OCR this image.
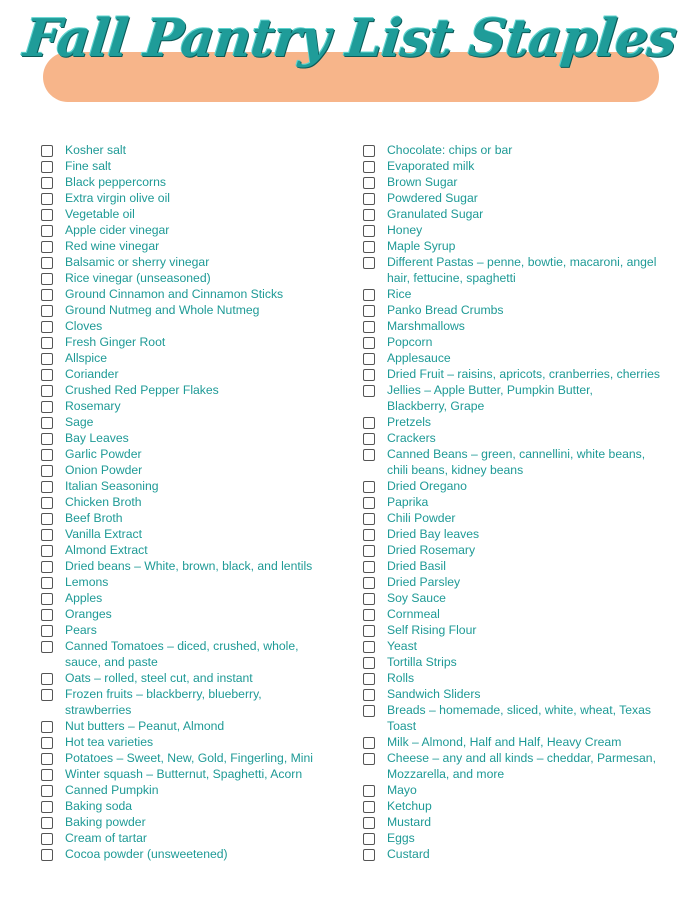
Fall Pantry List Staples
Kosher salt
Fine salt
Black peppercorns
Extra virgin olive oil
Vegetable oil
Apple cider vinegar
Red wine vinegar
Balsamic or sherry vinegar
Rice vinegar (unseasoned)
Ground Cinnamon and Cinnamon Sticks
Ground Nutmeg and Whole Nutmeg
Cloves
Fresh Ginger Root
Allspice
Coriander
Crushed Red Pepper Flakes
Rosemary
Sage
Bay Leaves
Garlic Powder
Onion Powder
Italian Seasoning
Chicken Broth
Beef Broth
Vanilla Extract
Almond Extract
Dried beans – White, brown, black, and lentils
Lemons
Apples
Oranges
Pears
Canned Tomatoes – diced, crushed, whole,
sauce, and paste
Oats – rolled, steel cut, and instant
Frozen fruits – blackberry, blueberry,
strawberries
Nut butters – Peanut, Almond
Hot tea varieties
Potatoes – Sweet, New, Gold, Fingerling, Mini
Winter squash – Butternut, Spaghetti, Acorn
Canned Pumpkin
Baking soda
Baking powder
Cream of tartar
Cocoa powder (unsweetened)
Chocolate: chips or bar
Evaporated milk
Brown Sugar
Powdered Sugar
Granulated Sugar
Honey
Maple Syrup
Different Pastas – penne, bowtie, macaroni, angel
hair, fettucine, spaghetti
Rice
Panko Bread Crumbs
Marshmallows
Popcorn
Applesauce
Dried Fruit – raisins, apricots, cranberries, cherries
Jellies – Apple Butter, Pumpkin Butter,
Blackberry, Grape
Pretzels
Crackers
Canned Beans – green, cannellini, white beans,
chili beans, kidney beans
Dried Oregano
Paprika
Chili Powder
Dried Bay leaves
Dried Rosemary
Dried Basil
Dried Parsley
Soy Sauce
Cornmeal
Self Rising Flour
Yeast
Tortilla Strips
Rolls
Sandwich Sliders
Breads – homemade, sliced, white, wheat, Texas
Toast
Milk – Almond, Half and Half, Heavy Cream
Cheese – any and all kinds – cheddar, Parmesan,
Mozzarella, and more
Mayo
Ketchup
Mustard
Eggs
Custard
